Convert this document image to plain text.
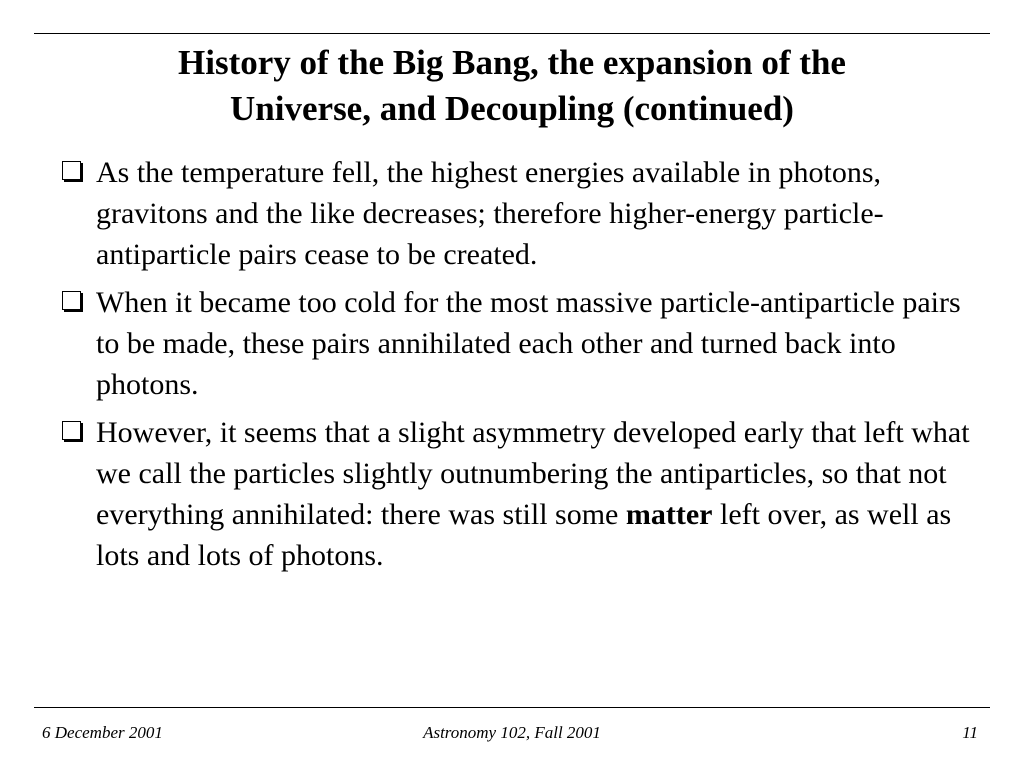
History of the Big Bang, the expansion of the
Universe, and Decoupling (continued)
As the temperature fell, the highest energies available in photons, gravitons and the like decreases; therefore higher-energy particle-antiparticle pairs cease to be created.
When it became too cold for the most massive particle-antiparticle pairs to be made, these pairs annihilated each other and turned back into photons.
However, it seems that a slight asymmetry developed early that left what we call the particles slightly outnumbering the antiparticles, so that not everything annihilated: there was still some matter left over, as well as lots and lots of photons.
6 December 2001	Astronomy 102, Fall 2001	11
